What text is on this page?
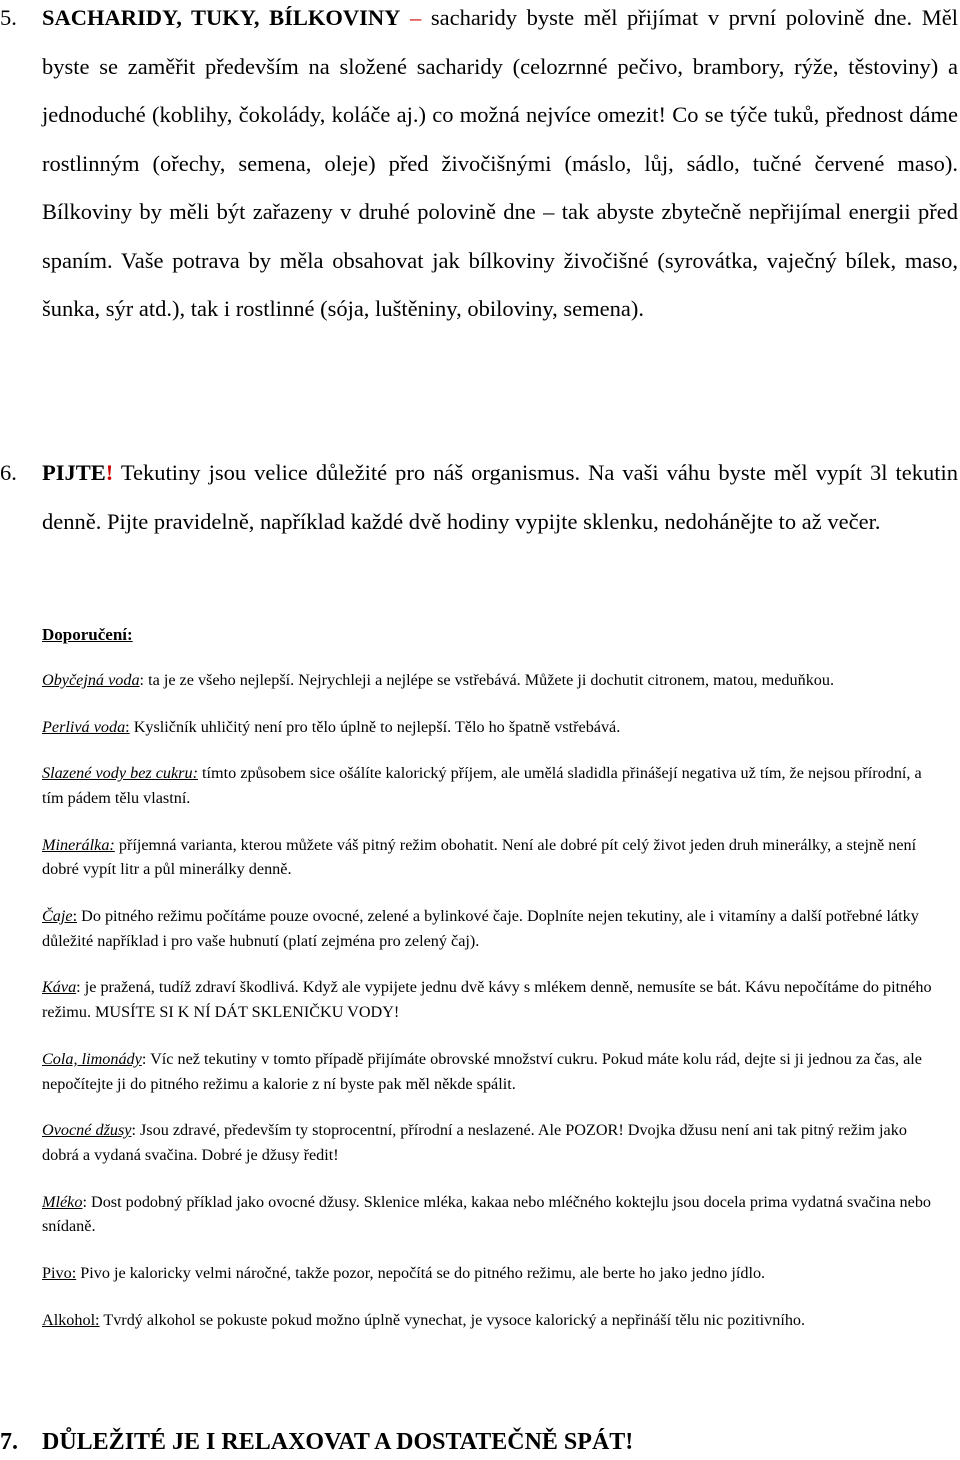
5. SACHARIDY, TUKY, BÍLKOVINY – sacharidy byste měl přijímat v první polovině dne. Měl byste se zaměřit především na složené sacharidy (celozrnné pečivo, brambory, rýže, těstoviny) a jednoduché (koblihy, čokolády, koláče aj.) co možná nejvíce omezit! Co se týče tuků, přednost dáme rostlinným (ořechy, semena, oleje) před živočišnými (máslo, lůj, sádlo, tučné červené maso). Bílkoviny by měli být zařazeny v druhé polovině dne – tak abyste zbytečně nepřijímal energii před spaním. Vaše potrava by měla obsahovat jak bílkoviny živočišné (syrovátka, vaječný bílek, maso, šunka, sýr atd.), tak i rostlinné (sója, luštěniny, obiloviny, semena).
6. PIJTE! Tekutiny jsou velice důležité pro náš organismus. Na vaši váhu byste měl vypít 3l tekutin denně. Pijte pravidelně, například každé dvě hodiny vypijte sklenku, nedohánějte to až večer.
Doporučení:

Obyčejná voda: ta je ze všeho nejlepší. Nejrychleji a nejlépe se vstřebává. Můžete ji dochutit citronem, matou, meduňkou.

Perlivá voda: Kysličník uhličitý není pro tělo úplně to nejlepší. Tělo ho špatně vstřebává.

Slazené vody bez cukru: tímto způsobem sice ošálíte kalorický příjem, ale umělá sladidla přinášejí negativa už tím, že nejsou přírodní, a tím pádem tělu vlastní.

Minerálka: příjemná varianta, kterou můžete váš pitný režim obohatit. Není ale dobré pít celý život jeden druh minerálky, a stejně není dobré vypít litr a půl minerálky denně.

Čaje: Do pitného režimu počítáme pouze ovocné, zelené a bylinkové čaje. Doplníte nejen tekutiny, ale i vitamíny a další potřebné látky důležité například i pro vaše hubnutí (platí zejména pro zelený čaj).

Káva: je pražená, tudíž zdraví škodlivá. Když ale vypijete jednu dvě kávy s mlékem denně, nemusíte se bát. Kávu nepočítáme do pitného režimu. MUSÍTE SI K NÍ DÁT SKLENIČKU VODY!

Cola, limonády: Víc než tekutiny v tomto případě přijímáte obrovské množství cukru. Pokud máte kolu rád, dejte si ji jednou za čas, ale nepočítejte ji do pitného režimu a kalorie z ní byste pak měl někde spálit.

Ovocné džusy: Jsou zdravé, především ty stoprocentní, přírodní a neslazené. Ale POZOR! Dvojka džusu není ani tak pitný režim jako dobrá a vydaná svačina. Dobré je džusy ředit!

Mléko: Dost podobný příklad jako ovocné džusy. Sklenice mléka, kakaa nebo mléčného koktejlu jsou docela prima vydatná svačina nebo snídaně.

Pivo: Pivo je kaloricky velmi náročné, takže pozor, nepočítá se do pitného režimu, ale berte ho jako jedno jídlo.

Alkohol: Tvrdý alkohol se pokuste pokud možno úplně vynechat, je vysoce kalorický a nepřináší tělu nic pozitivního.

7. DŮLEŽITÉ JE I RELAXOVAT A DOSTATEČNĚ SPÁT!
